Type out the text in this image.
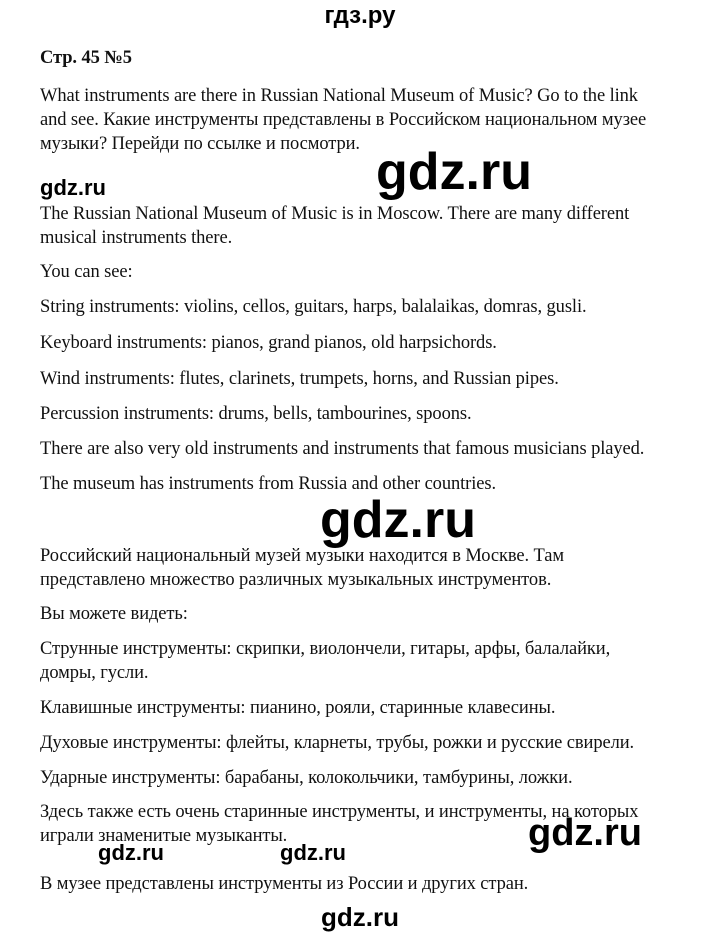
гдз.ру
Стр. 45 №5
What instruments are there in Russian National Museum of Music? Go to the link
and see. Какие инструменты представлены в Российском национальном музее
музыки? Перейди по ссылке и посмотри. gdz.ru
gdz.ru
The Russian National Museum of Music is in Moscow. There are many different
musical instruments there.
You can see:
String instruments: violins, cellos, guitars, harps, balalaikas, domras, gusli.
Keyboard instruments: pianos, grand pianos, old harpsichords.
Wind instruments: flutes, clarinets, trumpets, horns, and Russian pipes.
Percussion instruments: drums, bells, tambourines, spoons.
There are also very old instruments and instruments that famous musicians played.
The museum has instruments from Russia and other countries.
gdz.ru
Российский национальный музей музыки находится в Москве. Там
представлено множество различных музыкальных инструментов.
Вы можете видеть:
Струнные инструменты: скрипки, виолончели, гитары, арфы, балалайки,
домры, гусли.
Клавишные инструменты: пианино, рояли, старинные клавесины.
Духовые инструменты: флейты, кларнеты, трубы, рожки и русские свирели.
Ударные инструменты: барабаны, колокольчики, тамбурины, ложки.
Здесь также есть очень старинные инструменты, и инструменты, на которых
играли знаменитые музыканты.	gdz.ru
gdz.ru	gdz.ru
В музее представлены инструменты из России и других стран.
gdz.ru
